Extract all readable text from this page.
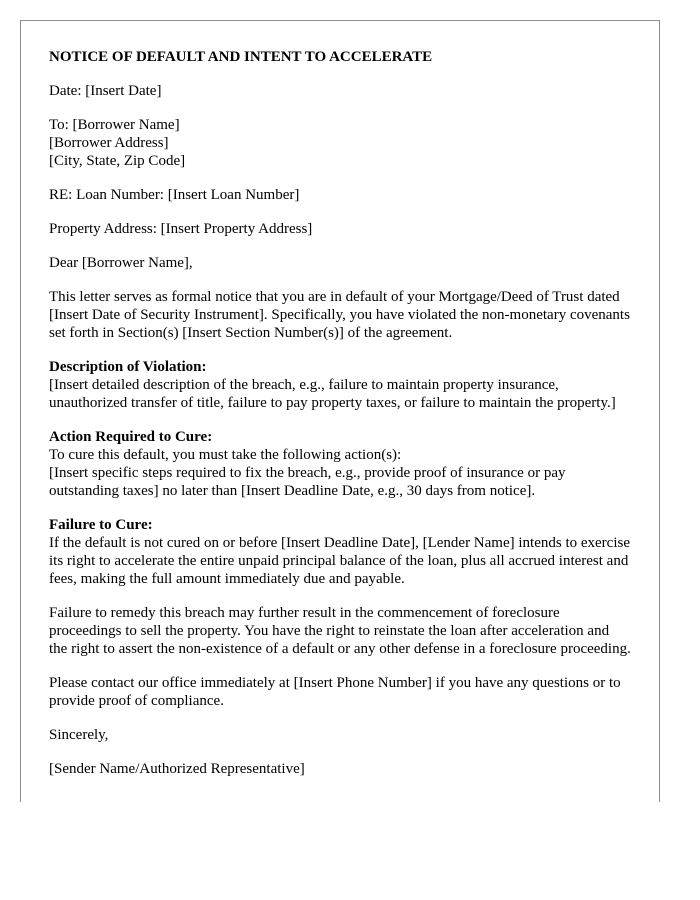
NOTICE OF DEFAULT AND INTENT TO ACCELERATE

Date: [Insert Date]

To: [Borrower Name]
[Borrower Address]
[City, State, Zip Code]

RE: Loan Number: [Insert Loan Number]

Property Address: [Insert Property Address]

Dear [Borrower Name],

This letter serves as formal notice that you are in default of your Mortgage/Deed of Trust dated [Insert Date of Security Instrument]. Specifically, you have violated the non-monetary covenants set forth in Section(s) [Insert Section Number(s)] of the agreement.

Description of Violation:
[Insert detailed description of the breach, e.g., failure to maintain property insurance, unauthorized transfer of title, failure to pay property taxes, or failure to maintain the property.]

Action Required to Cure:
To cure this default, you must take the following action(s):
[Insert specific steps required to fix the breach, e.g., provide proof of insurance or pay outstanding taxes] no later than [Insert Deadline Date, e.g., 30 days from notice].

Failure to Cure:
If the default is not cured on or before [Insert Deadline Date], [Lender Name] intends to exercise its right to accelerate the entire unpaid principal balance of the loan, plus all accrued interest and fees, making the full amount immediately due and payable.

Failure to remedy this breach may further result in the commencement of foreclosure proceedings to sell the property. You have the right to reinstate the loan after acceleration and the right to assert the non-existence of a default or any other defense in a foreclosure proceeding.

Please contact our office immediately at [Insert Phone Number] if you have any questions or to provide proof of compliance.

Sincerely,

[Sender Name/Authorized Representative]
